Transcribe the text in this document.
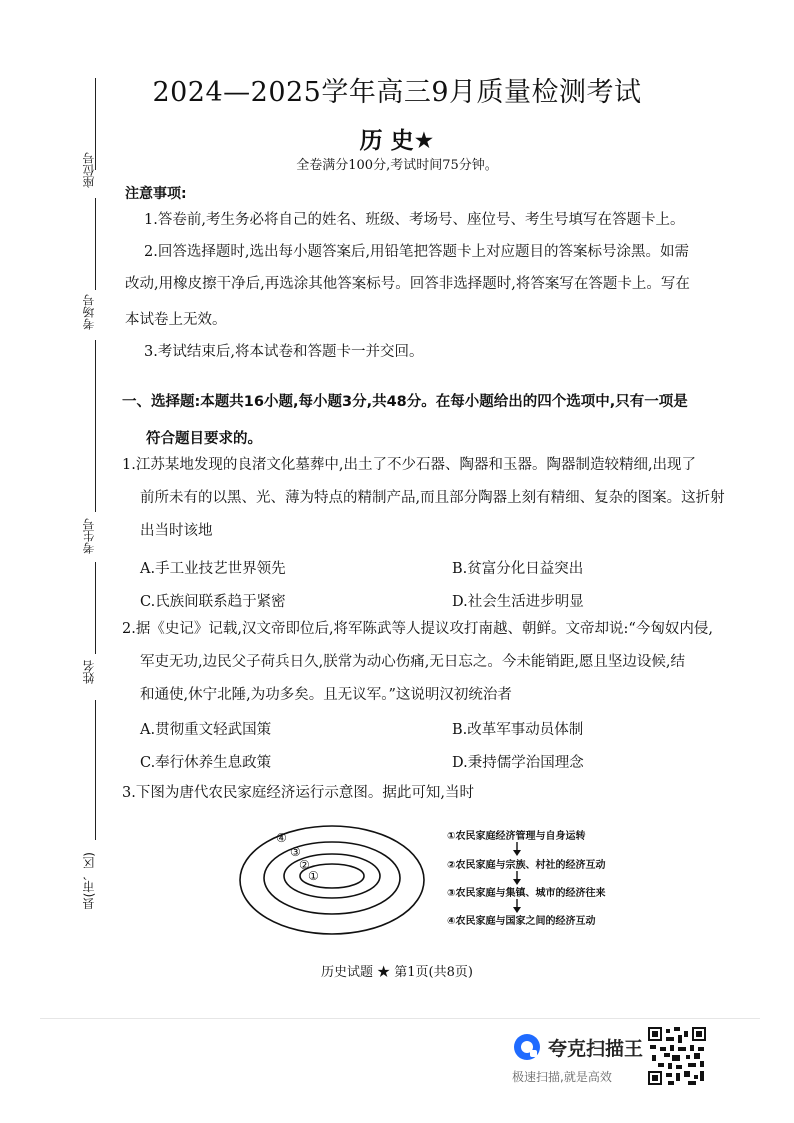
座位号
考场号
考生号
姓名
县(市、区)
2024—2025学年高三9月质量检测考试
历 史★
全卷满分100分,考试时间75分钟。
注意事项:
1.答卷前,考生务必将自己的姓名、班级、考场号、座位号、考生号填写在答题卡上。
2.回答选择题时,选出每小题答案后,用铅笔把答题卡上对应题目的答案标号涂黑。如需
改动,用橡皮擦干净后,再选涂其他答案标号。回答非选择题时,将答案写在答题卡上。写在
本试卷上无效。
3.考试结束后,将本试卷和答题卡一并交回。
一、选择题:本题共16小题,每小题3分,共48分。在每小题给出的四个选项中,只有一项是
符合题目要求的。
1.江苏某地发现的良渚文化墓葬中,出土了不少石器、陶器和玉器。陶器制造较精细,出现了
前所未有的以黑、光、薄为特点的精制产品,而且部分陶器上刻有精细、复杂的图案。这折射
出当时该地
A.手工业技艺世界领先	B.贫富分化日益突出
C.氏族间联系趋于紧密	D.社会生活进步明显
2.据《史记》记载,汉文帝即位后,将军陈武等人提议攻打南越、朝鲜。文帝却说:“今匈奴内侵,
军吏无功,边民父子荷兵日久,朕常为动心伤痛,无日忘之。今未能销距,愿且坚边设候,结
和通使,休宁北陲,为功多矣。且无议军。”这说明汉初统治者
A.贯彻重文轻武国策	B.改革军事动员体制
C.奉行休养生息政策	D.秉持儒学治国理念
3.下图为唐代农民家庭经济运行示意图。据此可知,当时
④
③
②
①
①农民家庭经济管理与自身运转
②农民家庭与宗族、村社的经济互动
③农民家庭与集镇、城市的经济往来
④农民家庭与国家之间的经济互动
历史试题 ★ 第1页(共8页)
夸克扫描王
极速扫描,就是高效
